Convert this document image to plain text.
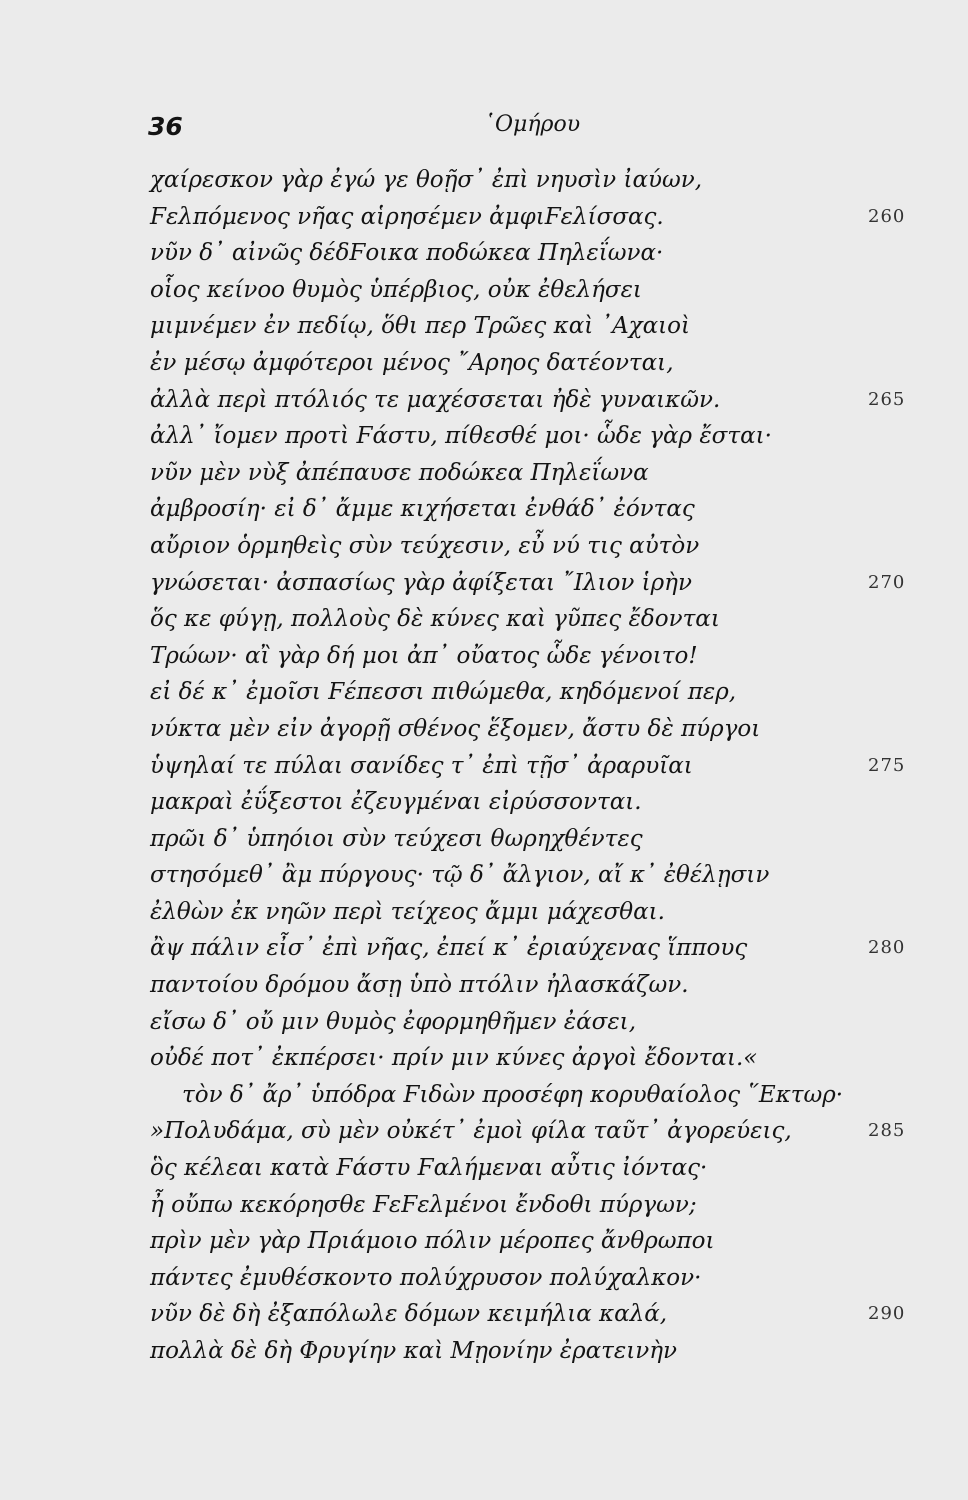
36	῾Ομήρου
χαίρεσκον γὰρ ἐγώ γε θοῇσ᾽ ἐπὶ νηυσὶν ἰαύων,
Ϝελπόμενος νῆας αἱρησέμεν ἀμφιϜελίσσας.	260
νῦν δ᾽ αἰνῶς δέδϜοικα ποδώκεα Πηλεΐωνα·
οἷος κείνοο θυμὸς ὑπέρβιος, οὐκ ἐθελήσει
μιμνέμεν ἐν πεδίῳ, ὅθι περ Τρῶες καὶ ᾽Αχαιοὶ
ἐν μέσῳ ἀμφότεροι μένος ῎Αρηος δατέονται,
ἀλλὰ περὶ πτόλιός τε μαχέσσεται ἠδὲ γυναικῶν.	265
ἀλλ᾽ ἴομεν προτὶ Ϝάστυ, πίθεσθέ μοι· ὧδε γὰρ ἔσται·
νῦν μὲν νὺξ ἀπέπαυσε ποδώκεα Πηλεΐωνα
ἀμβροσίη· εἰ δ᾽ ἄμμε κιχήσεται ἐνθάδ᾽ ἐόντας
αὔριον ὁρμηθεὶς σὺν τεύχεσιν, εὖ νύ τις αὐτὸν
γνώσεται· ἀσπασίως γὰρ ἀφίξεται ῎Ιλιον ἱρὴν	270
ὅς κε φύγῃ, πολλοὺς δὲ κύνες καὶ γῦπες ἔδονται
Τρώων· αἲ γὰρ δή μοι ἀπ᾽ οὔατος ὧδε γένοιτο!
εἰ δέ κ᾽ ἐμοῖσι Ϝέπεσσι πιθώμεθα, κηδόμενοί περ,
νύκτα μὲν εἰν ἀγορῇ σθένος ἕξομεν, ἄστυ δὲ πύργοι
ὑψηλαί τε πύλαι σανίδες τ᾽ ἐπὶ τῇσ᾽ ἀραρυῖαι	275
μακραὶ ἐΰξεστοι ἐζευγμέναι εἰρύσσονται.
πρῶι δ᾽ ὑπηόιοι σὺν τεύχεσι θωρηχθέντες
στησόμεθ᾽ ἂμ πύργους· τῷ δ᾽ ἄλγιον, αἴ κ᾽ ἐθέλῃσιν
ἐλθὼν ἐκ νηῶν περὶ τείχεος ἄμμι μάχεσθαι.
ἂψ πάλιν εἶσ᾽ ἐπὶ νῆας, ἐπεί κ᾽ ἐριαύχενας ἵππους	280
παντοίου δρόμου ἄσῃ ὑπὸ πτόλιν ἠλασκάζων.
εἴσω δ᾽ οὔ μιν θυμὸς ἐφορμηθῆμεν ἐάσει,
οὐδέ ποτ᾽ ἐκπέρσει· πρίν μιν κύνες ἀργοὶ ἔδονται.«
τὸν δ᾽ ἄρ᾽ ὑπόδρα Ϝιδὼν προσέφη κορυθαίολος ῞Εκτωρ·
»Πολυδάμα, σὺ μὲν οὐκέτ᾽ ἐμοὶ φίλα ταῦτ᾽ ἀγορεύεις,	285
ὃς κέλεαι κατὰ Ϝάστυ Ϝαλήμεναι αὖτις ἰόντας·
ἦ οὔπω κεκόρησθε ϜεϜελμένοι ἔνδοθι πύργων;
πρὶν μὲν γὰρ Πριάμοιο πόλιν μέροπες ἄνθρωποι
πάντες ἐμυθέσκοντο πολύχρυσον πολύχαλκον·
νῦν δὲ δὴ ἐξαπόλωλε δόμων κειμήλια καλά,	290
πολλὰ δὲ δὴ Φρυγίην καὶ Μῃονίην ἐρατεινὴν
